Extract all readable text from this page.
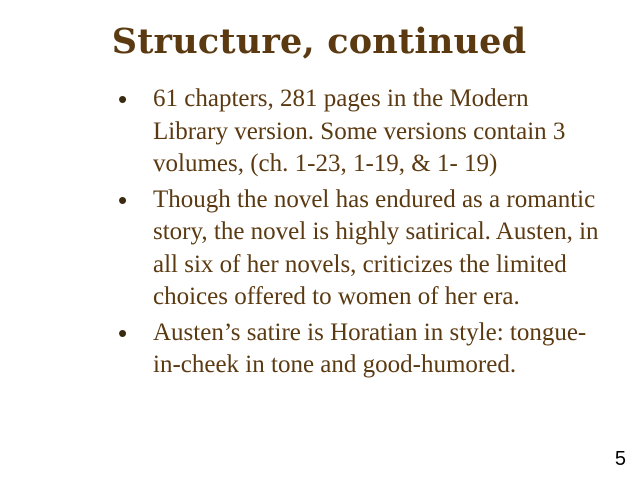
Structure, continued
• 61 chapters, 281 pages in the Modern Library version. Some versions contain 3 volumes, (ch. 1-23, 1-19, & 1- 19)
• Though the novel has endured as a romantic story, the novel is highly satirical. Austen, in all six of her novels, criticizes the limited choices offered to women of her era.
• Austen’s satire is Horatian in style: tongue-in-cheek in tone and good-humored.
5
